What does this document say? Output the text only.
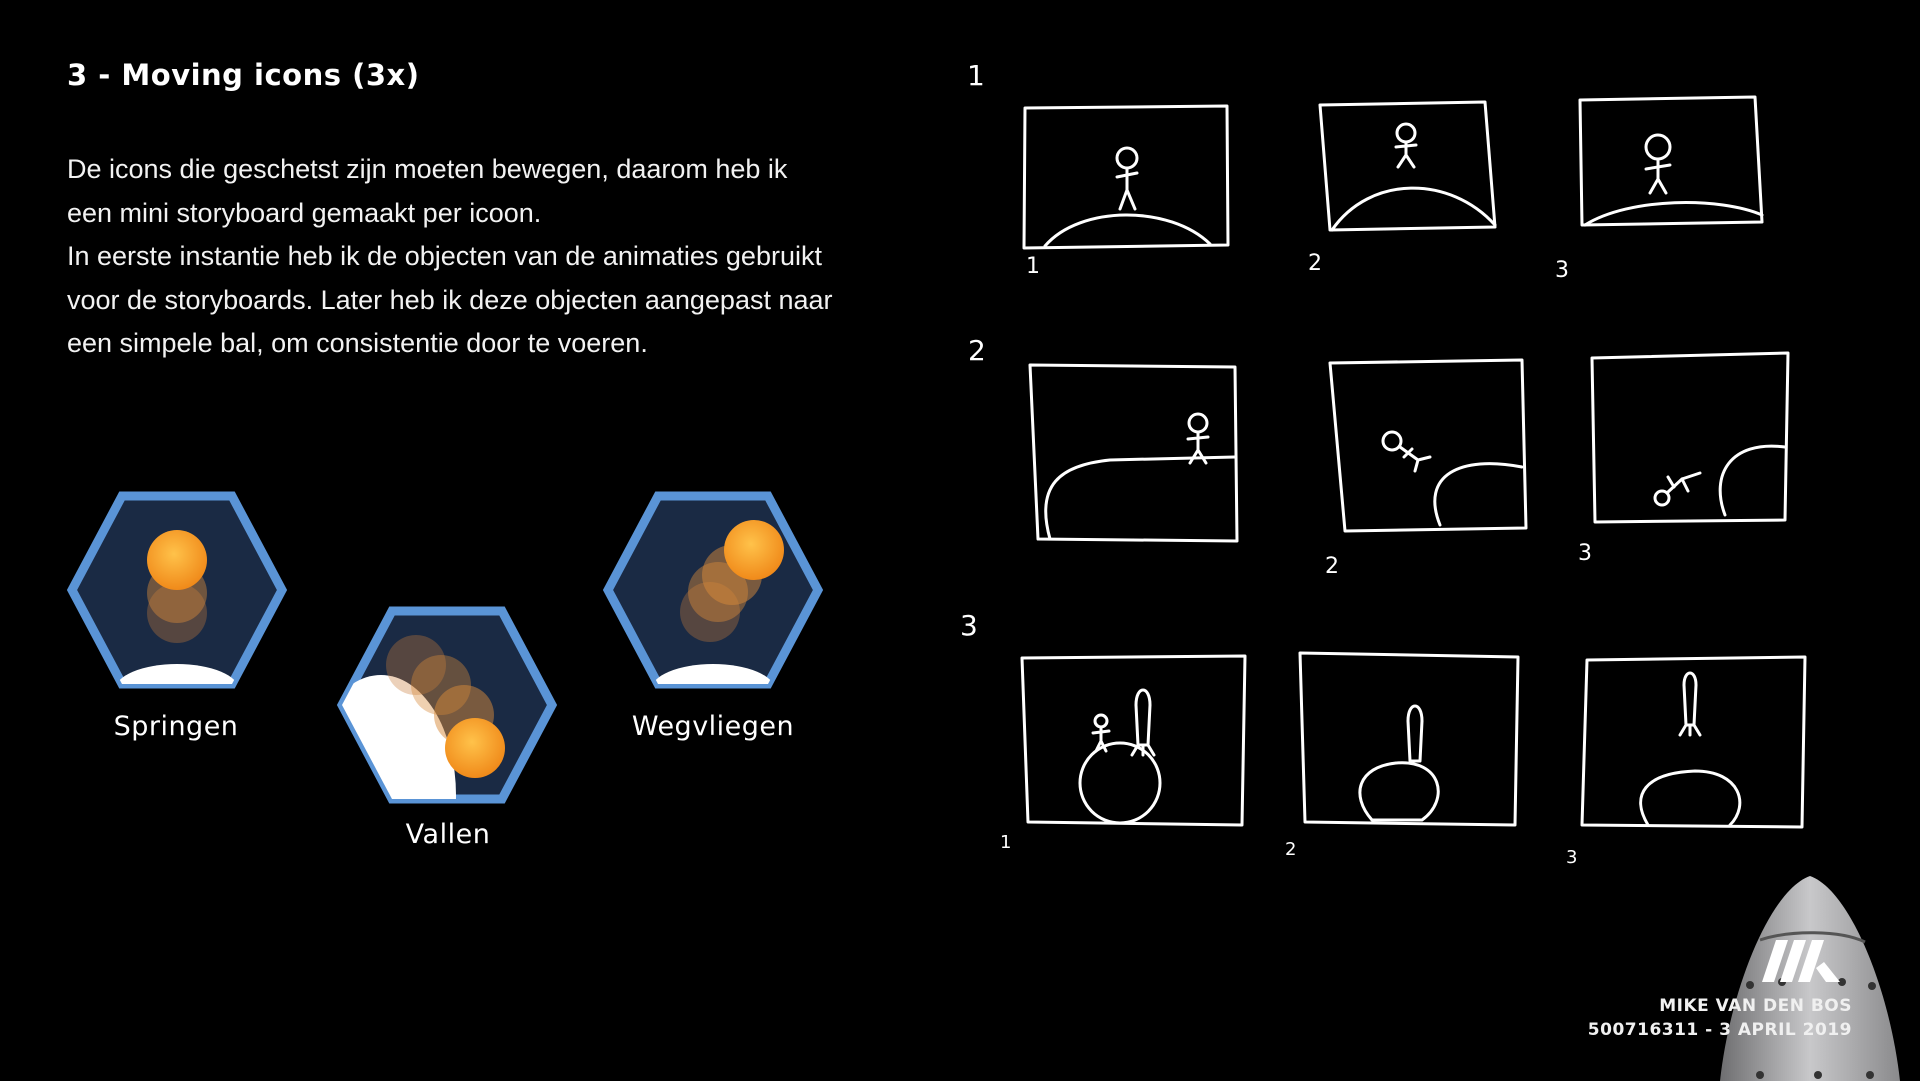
3 - Moving icons (3x)

De icons die geschetst zijn moeten bewegen, daarom heb ik een mini storyboard gemaakt per icoon.

In eerste instantie heb ik de objecten van de animaties gebruikt voor de storyboards. Later heb ik deze objecten aangepast naar een simpele bal, om consistentie door te voeren.

Springen
Vallen
Wegvliegen
1
2
3
1	2	3
2
3
1	2	3
MIKE VAN DEN BOS
500716311 - 3 APRIL 2019
